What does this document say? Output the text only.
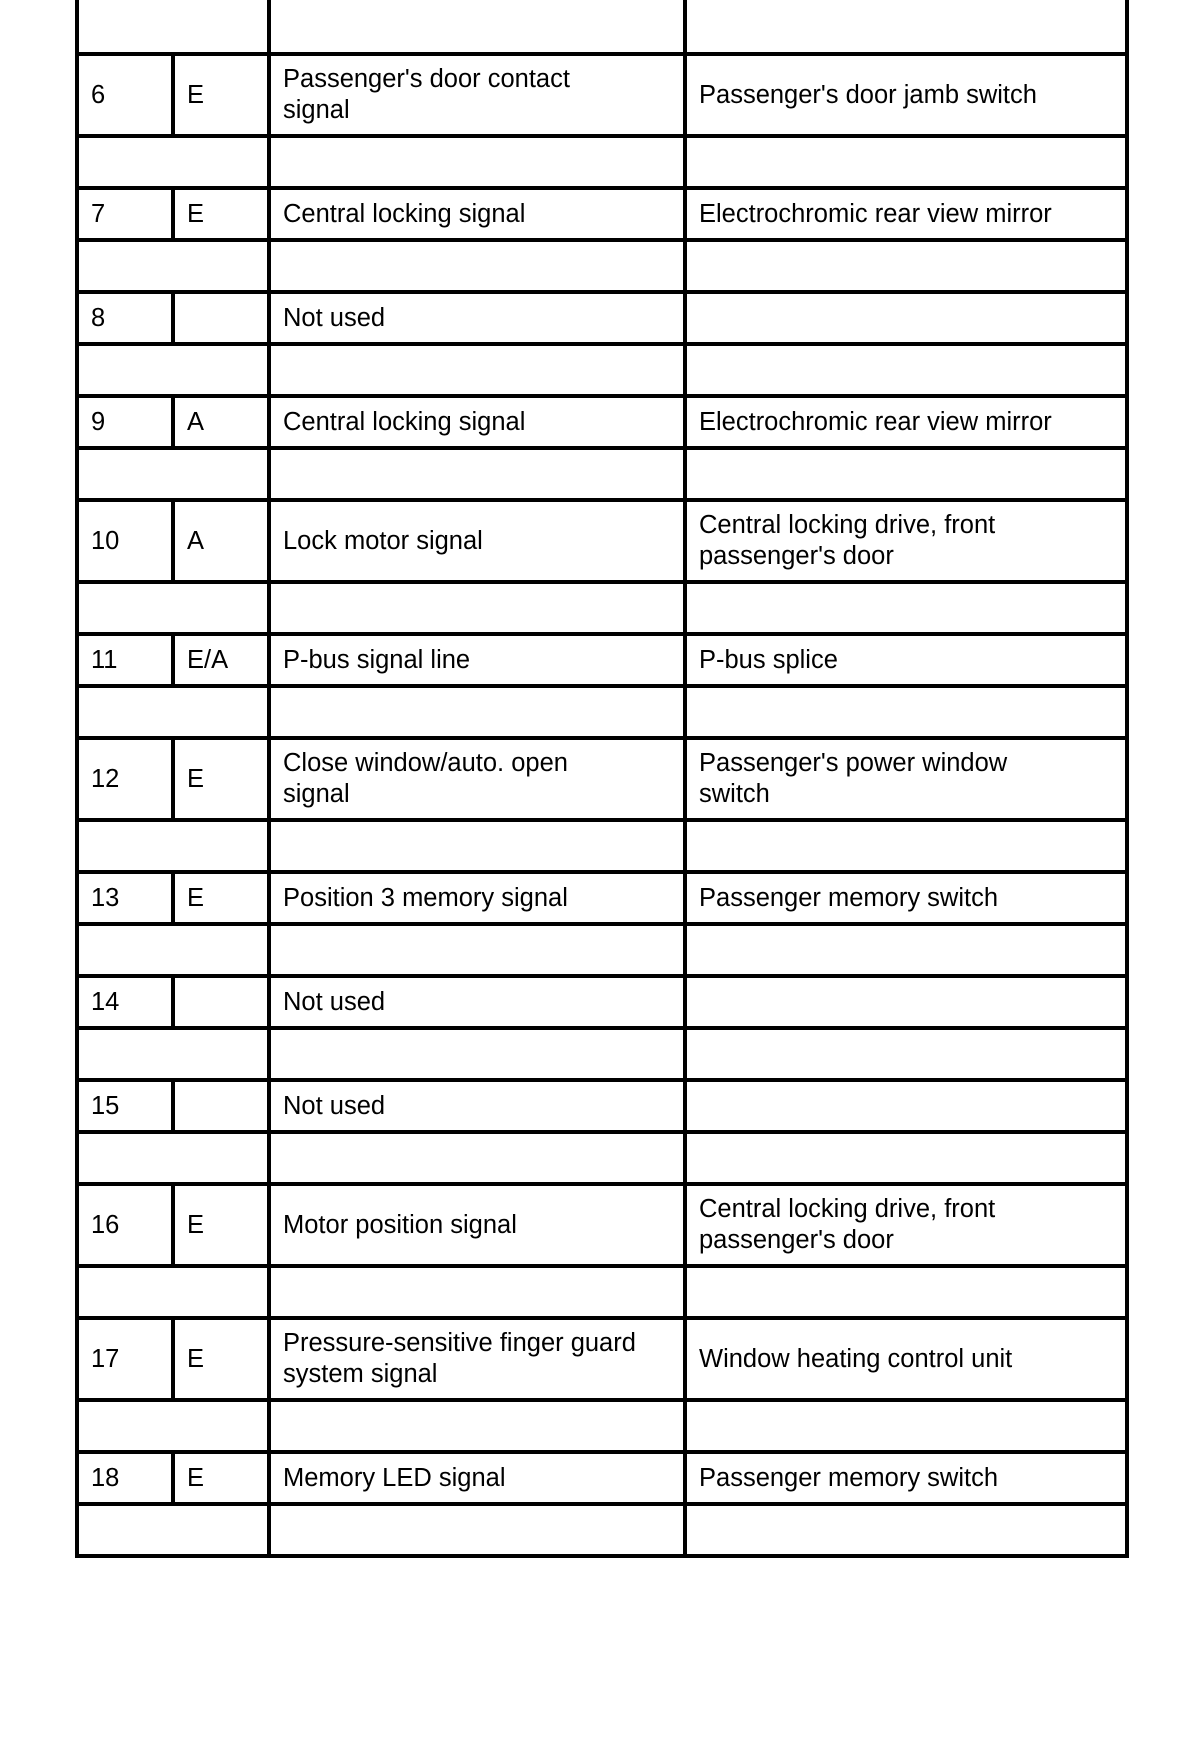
6	E	Passenger's door contact
signal	Passenger's door jamb switch

7	E	Central locking signal	Electrochromic rear view mirror

8		Not used	

9	A	Central locking signal	Electrochromic rear view mirror

10	A	Lock motor signal	Central locking drive, front
passenger's door

11	E/A	P-bus signal line	P-bus splice

12	E	Close window/auto. open
signal	Passenger's power window
switch

13	E	Position 3 memory signal	Passenger memory switch

14		Not used	

15		Not used	

16	E	Motor position signal	Central locking drive, front
passenger's door

17	E	Pressure-sensitive finger guard
system signal	Window heating control unit

18	E	Memory LED signal	Passenger memory switch
